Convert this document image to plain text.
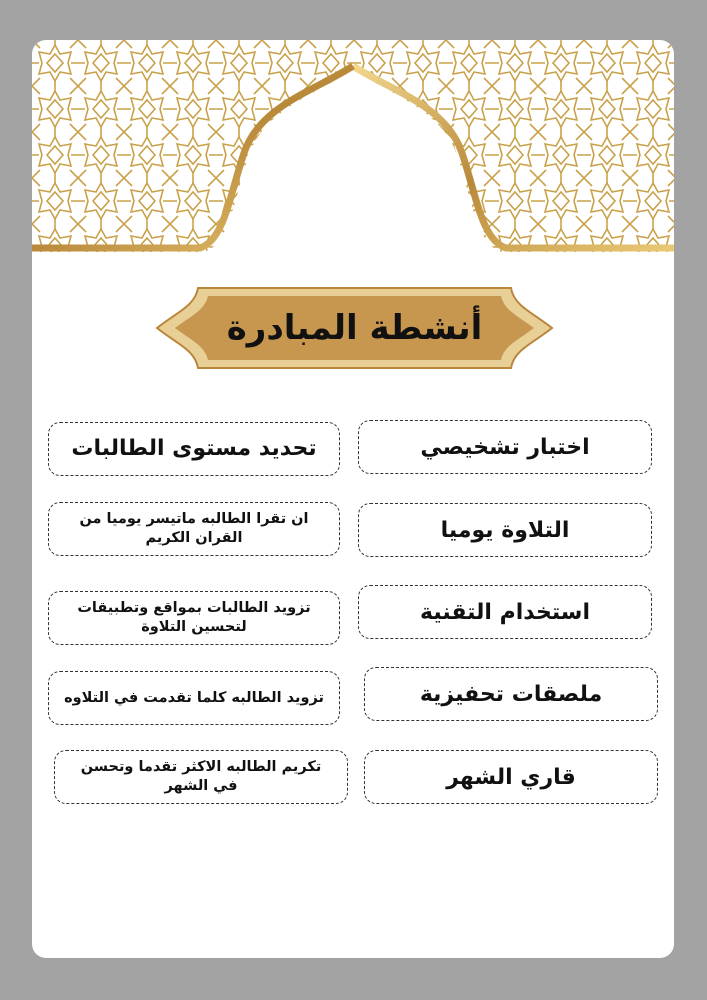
أنشطة المبادرة
اختبار تشخيصي
تحديد مستوى الطالبات
التلاوة يوميا
ان تقرا الطالبه ماتيسر يوميا من القران الكريم
استخدام التقنية
تزويد الطالبات بمواقع وتطبيقات لتحسين التلاوة
ملصقات تحفيزية
تزويد الطالبه كلما تقدمت في التلاوه
قاري الشهر
تكريم الطالبه الاكثر تقدما وتحسن في الشهر
